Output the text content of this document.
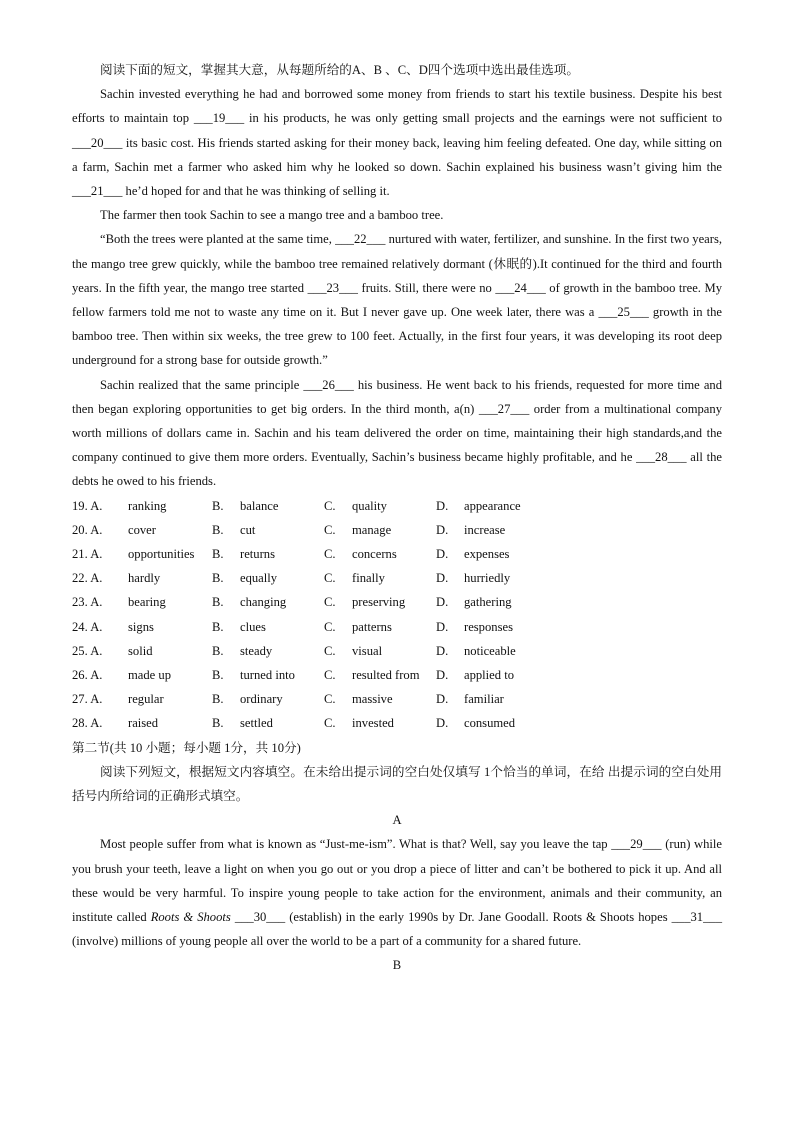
阅读下面的短文，掌握其大意，从每题所给的A、B 、C、D四个选项中选出最佳选项。

Sachin invested everything he had and borrowed some money from friends to start his textile business. Despite his best efforts to maintain top ___19___ in his products, he was only getting small projects and the earnings were not sufficient to ___20___ its basic cost. His friends started asking for their money back, leaving him feeling defeated. One day, while sitting on a farm, Sachin met a farmer who asked him why he looked so down. Sachin explained his business wasn’t giving him the ___21___ he’d hoped for and that he was thinking of selling it.

The farmer then took Sachin to see a mango tree and a bamboo tree.

“Both the trees were planted at the same time, ___22___ nurtured with water, fertilizer, and sunshine. In the first two years, the mango tree grew quickly, while the bamboo tree remained relatively dormant (休眠的).It continued for the third and fourth years. In the fifth year, the mango tree started ___23___ fruits. Still, there were no ___24___ of growth in the bamboo tree. My fellow farmers told me not to waste any time on it. But I never gave up. One week later, there was a ___25___ growth in the bamboo tree. Then within six weeks, the tree grew to 100 feet. Actually, in the first four years, it was developing its root deep underground for a strong base for outside growth.”

Sachin realized that the same principle ___26___ his business. He went back to his friends, requested for more time and then began exploring opportunities to get big orders. In the third month, a(n) ___27___ order from a multinational company worth millions of dollars came in. Sachin and his team delivered the order on time, maintaining their high standards,and the company continued to give them more orders. Eventually, Sachin’s business became highly profitable, and he ___28___ all the debts he owed to his friends.

19. A.	ranking	B.	balance	C.	quality	D.	appearance
20. A.	cover	B.	cut	C.	manage	D.	increase
21. A.	opportunities	B.	returns	C.	concerns	D.	expenses
22. A.	hardly	B.	equally	C.	finally	D.	hurriedly
23. A.	bearing	B.	changing	C.	preserving	D.	gathering
24. A.	signs	B.	clues	C.	patterns	D.	responses
25. A.	solid	B.	steady	C.	visual	D.	noticeable
26. A.	made up	B.	turned into	C.	resulted from	D.	applied to
27. A.	regular	B.	ordinary	C.	massive	D.	familiar
28. A.	raised	B.	settled	C.	invested	D.	consumed

第二节(共 10 小题；每小题 1分，共 10分)

阅读下列短文，根据短文内容填空。在未给出提示词的空白处仅填写 1个恰当的单词，在给 出提示词的空白处用括号内所给词的正确形式填空。

A

Most people suffer from what is known as “Just-me-ism”. What is that? Well, say you leave the tap ___29___ (run) while you brush your teeth, leave a light on when you go out or you drop a piece of litter and can’t be bothered to pick it up. And all these would be very harmful. To inspire young people to take action for the environment, animals and their community, an institute called Roots & Shoots ___30___ (establish) in the early 1990s by Dr. Jane Goodall. Roots & Shoots hopes ___31___ (involve) millions of young people all over the world to be a part of a community for a shared future.

B
